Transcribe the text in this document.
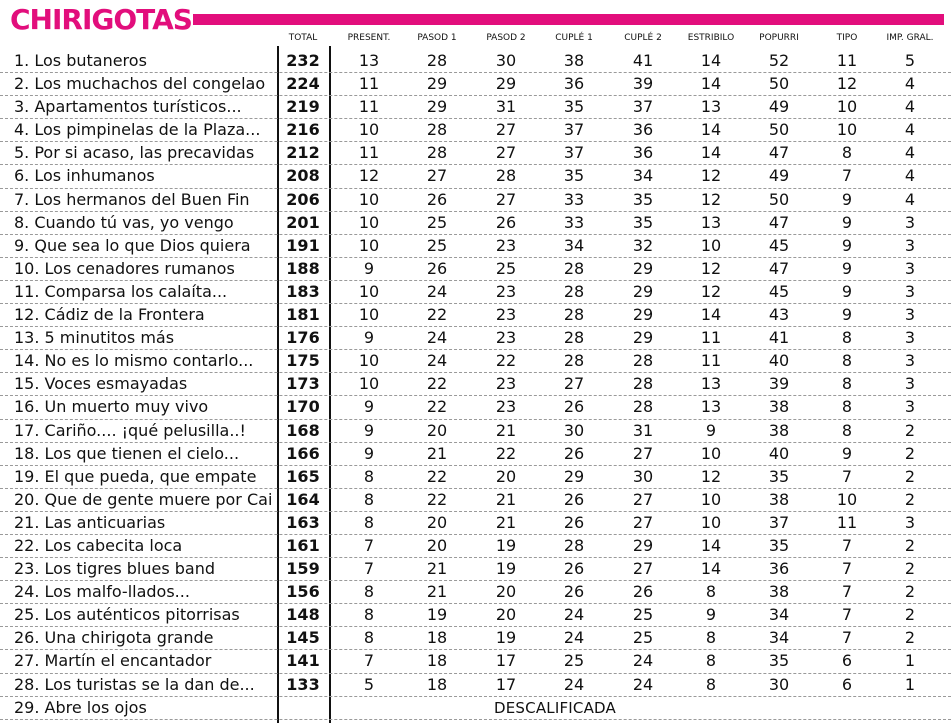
CHIRIGOTAS
TOTAL	PRESENT.	PASOD 1	PASOD 2	CUPLÉ 1	CUPLÉ 2	ESTRIBILO	POPURRI	TIPO	IMP. GRAL.
1. Los butaneros	232	13	28	30	38	41	14	52	11	5
2. Los muchachos del congelao	224	11	29	29	36	39	14	50	12	4
3. Apartamentos turísticos...	219	11	29	31	35	37	13	49	10	4
4. Los pimpinelas de la Plaza...	216	10	28	27	37	36	14	50	10	4
5. Por si acaso, las precavidas	212	11	28	27	37	36	14	47	8	4
6. Los inhumanos	208	12	27	28	35	34	12	49	7	4
7. Los hermanos del Buen Fin	206	10	26	27	33	35	12	50	9	4
8. Cuando tú vas, yo vengo	201	10	25	26	33	35	13	47	9	3
9. Que sea lo que Dios quiera	191	10	25	23	34	32	10	45	9	3
10. Los cenadores rumanos	188	9	26	25	28	29	12	47	9	3
11. Comparsa los calaíta...	183	10	24	23	28	29	12	45	9	3
12. Cádiz de la Frontera	181	10	22	23	28	29	14	43	9	3
13. 5 minutitos más	176	9	24	23	28	29	11	41	8	3
14. No es lo mismo contarlo...	175	10	24	22	28	28	11	40	8	3
15. Voces esmayadas	173	10	22	23	27	28	13	39	8	3
16. Un muerto muy vivo	170	9	22	23	26	28	13	38	8	3
17. Cariño.... ¡qué pelusilla..!	168	9	20	21	30	31	9	38	8	2
18. Los que tienen el cielo...	166	9	21	22	26	27	10	40	9	2
19. El que pueda, que empate	165	8	22	20	29	30	12	35	7	2
20. Que de gente muere por Cai 164	8	22	21	26	27	10	38	10	2
21. Las anticuarias	163	8	20	21	26	27	10	37	11	3
22. Los cabecita loca	161	7	20	19	28	29	14	35	7	2
23. Los tigres blues band	159	7	21	19	26	27	14	36	7	2
24. Los malfo-llados...	156	8	21	20	26	26	8	38	7	2
25. Los auténticos pitorrisas	148	8	19	20	24	25	9	34	7	2
26. Una chirigota grande	145	8	18	19	24	25	8	34	7	2
27. Martín el encantador	141	7	18	17	25	24	8	35	6	1
28. Los turistas se la dan de...	133	5	18	17	24	24	8	30	6	1
29. Abre los ojos	DESCALIFICADA
